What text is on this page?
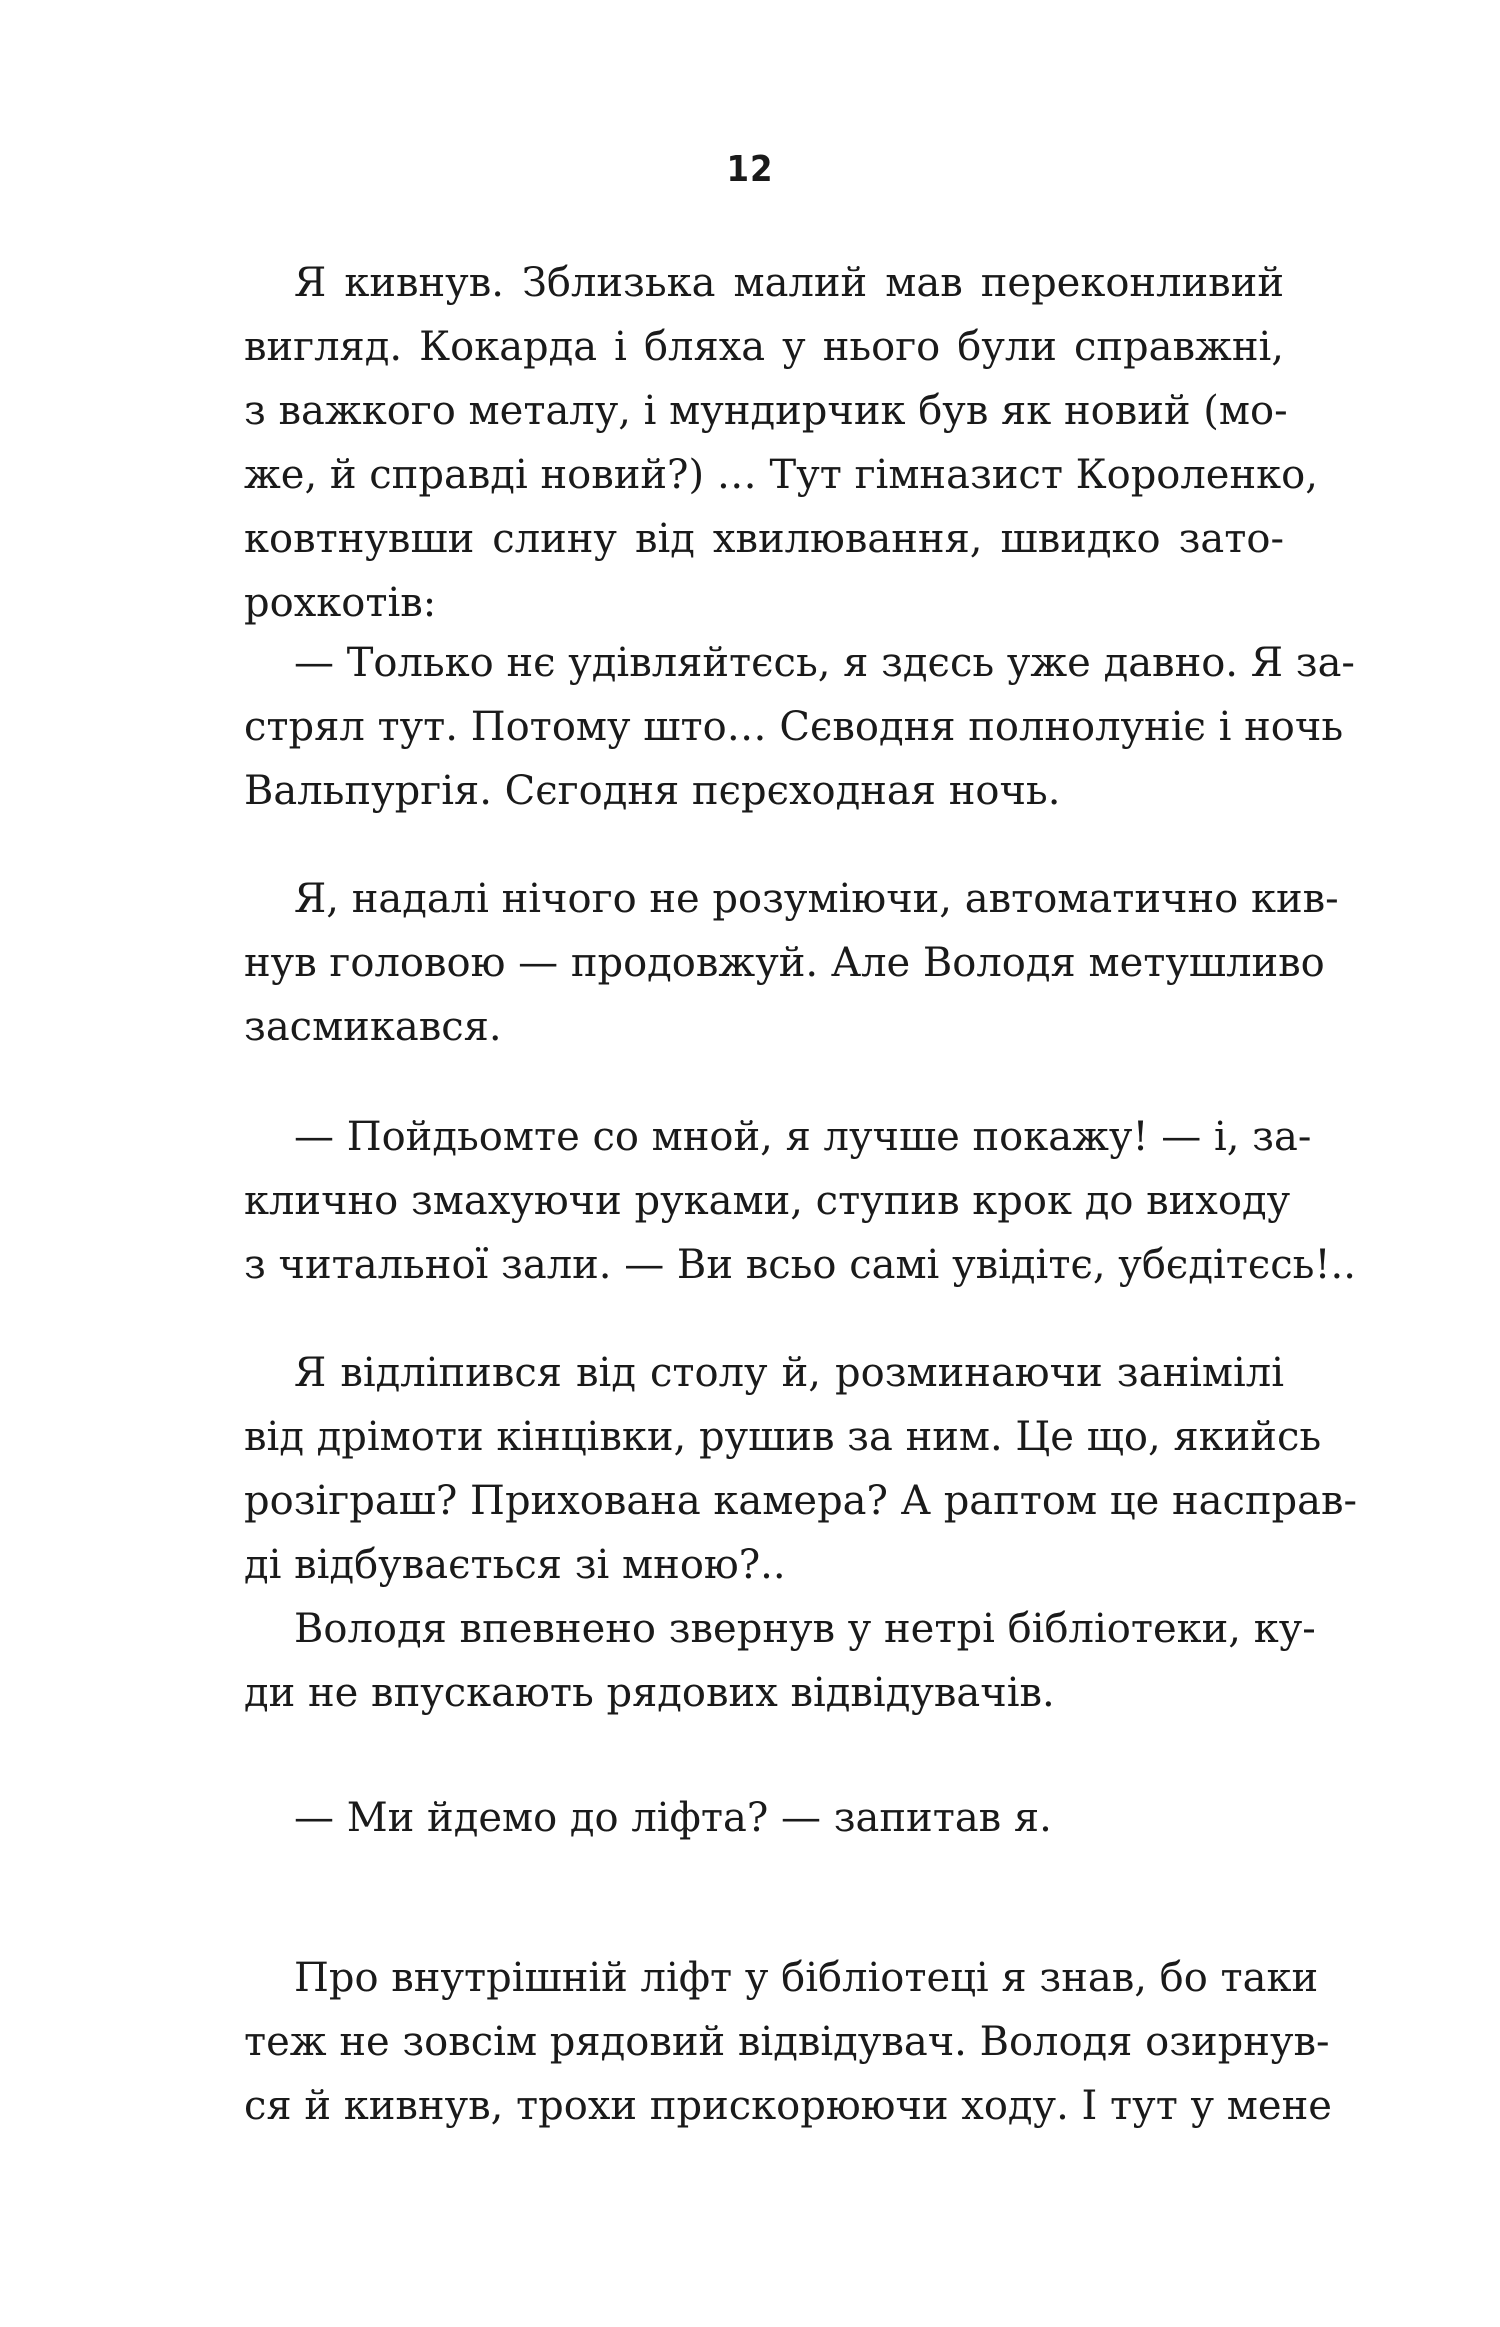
12
Я кивнув. Зблизька малий мав переконливий
вигляд. Кокарда і бляха у нього були справжні,
з важкого металу, і мундирчик був як новий (мо-
же, й справді новий?) … Тут гімназист Короленко,
ковтнувши слину від хвилювання, швидко зато-
рохкотів:
— Только нє удівляйтєсь, я здєсь уже давно. Я за-
стрял тут. Потому што… Сєводня полнолунiє і ночь
Вальпургія. Сєгодня пєрєходная ночь.
Я, надалі нічого не розуміючи, автоматично кив-
нув головою — продовжуй. Але Володя метушливо
засмикався.
— Пойдьомте со мной, я лучше покажу! — і, за-
клично змахуючи руками, ступив крок до виходу
з читальної зали. — Ви всьо самі увідітє, убєдітєсь!..
Я відліпився від столу й, розминаючи занімілі
від дрімоти кінцівки, рушив за ним. Це що, якийсь
розіграш? Прихована камера? А раптом це насправ-
ді відбувається зі мною?..
Володя впевнено звернув у нетрі бібліотеки, ку-
ди не впускають рядових відвідувачів.
— Ми йдемо до ліфта? — запитав я.
Про внутрішній ліфт у бібліотеці я знав, бо таки
теж не зовсім рядовий відвідувач. Володя озирнув-
ся й кивнув, трохи прискорюючи ходу. І тут у мене
